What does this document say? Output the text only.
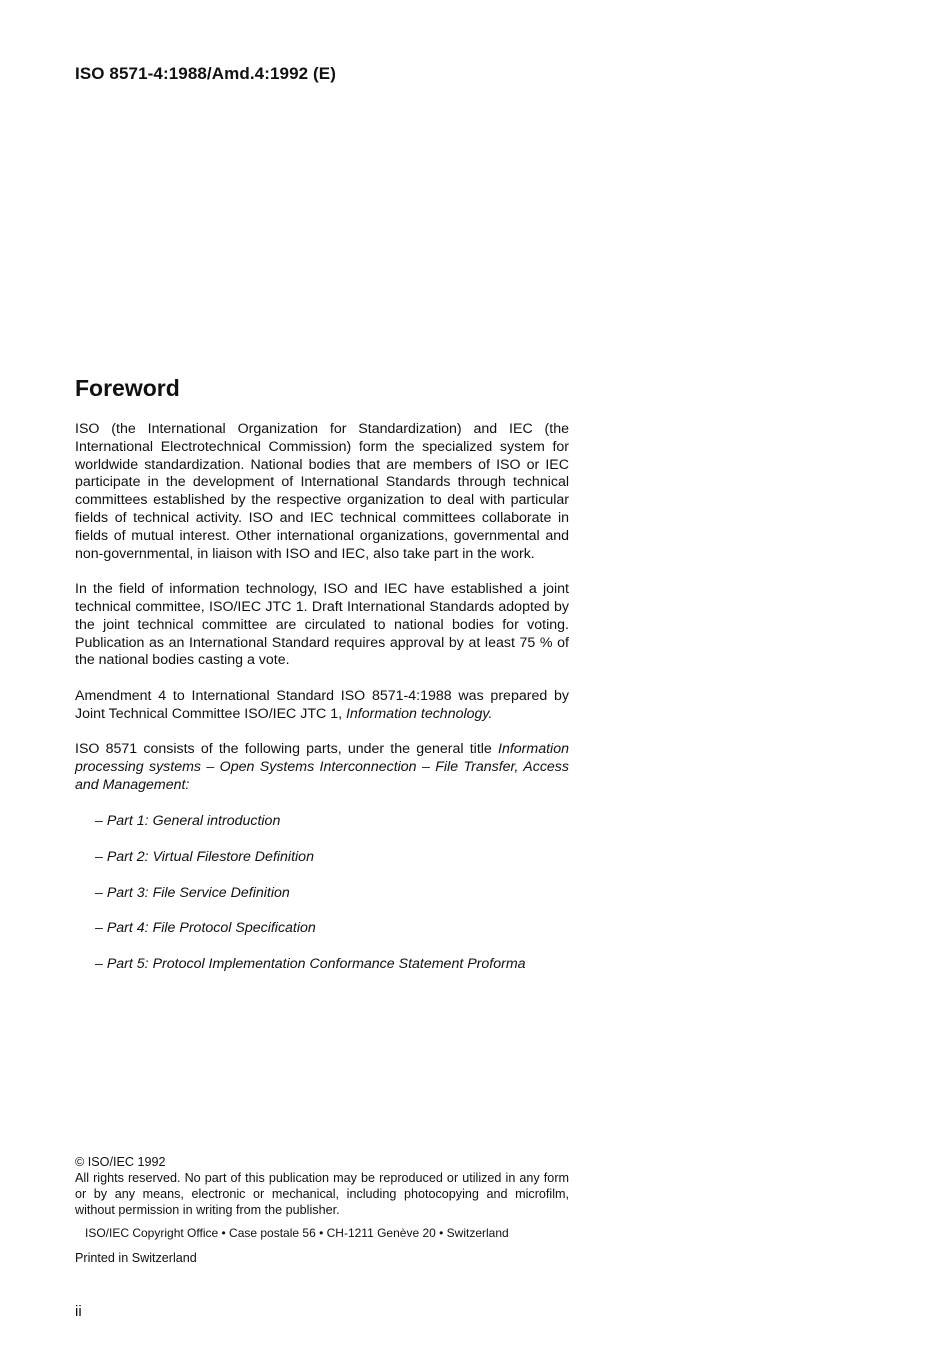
ISO 8571-4:1988/Amd.4:1992 (E)
Foreword

ISO (the International Organization for Standardization) and IEC (the International Electrotechnical Commission) form the specialized system for worldwide standardization. National bodies that are members of ISO or IEC participate in the development of International Standards through technical committees established by the respective organization to deal with particular fields of technical activity. ISO and IEC technical committees collaborate in fields of mutual interest. Other international organizations, governmental and non-governmental, in liaison with ISO and IEC, also take part in the work.

In the field of information technology, ISO and IEC have established a joint technical committee, ISO/IEC JTC 1. Draft International Standards adopted by the joint technical committee are circulated to national bodies for voting. Publication as an International Standard requires approval by at least 75 % of the national bodies casting a vote.

Amendment 4 to International Standard ISO 8571-4:1988 was prepared by Joint Technical Committee ISO/IEC JTC 1, Information technology.

ISO 8571 consists of the following parts, under the general title Information processing systems – Open Systems Interconnection – File Transfer, Access and Management:

– Part 1: General introduction
– Part 2: Virtual Filestore Definition
– Part 3: File Service Definition
– Part 4: File Protocol Specification
– Part 5: Protocol Implementation Conformance Statement Proforma

© ISO/IEC 1992

All rights reserved. No part of this publication may be reproduced or utilized in any form or by any means, electronic or mechanical, including photocopying and microfilm, without permission in writing from the publisher.

ISO/IEC Copyright Office • Case postale 56 • CH-1211 Genève 20 • Switzerland

Printed in Switzerland

ii
